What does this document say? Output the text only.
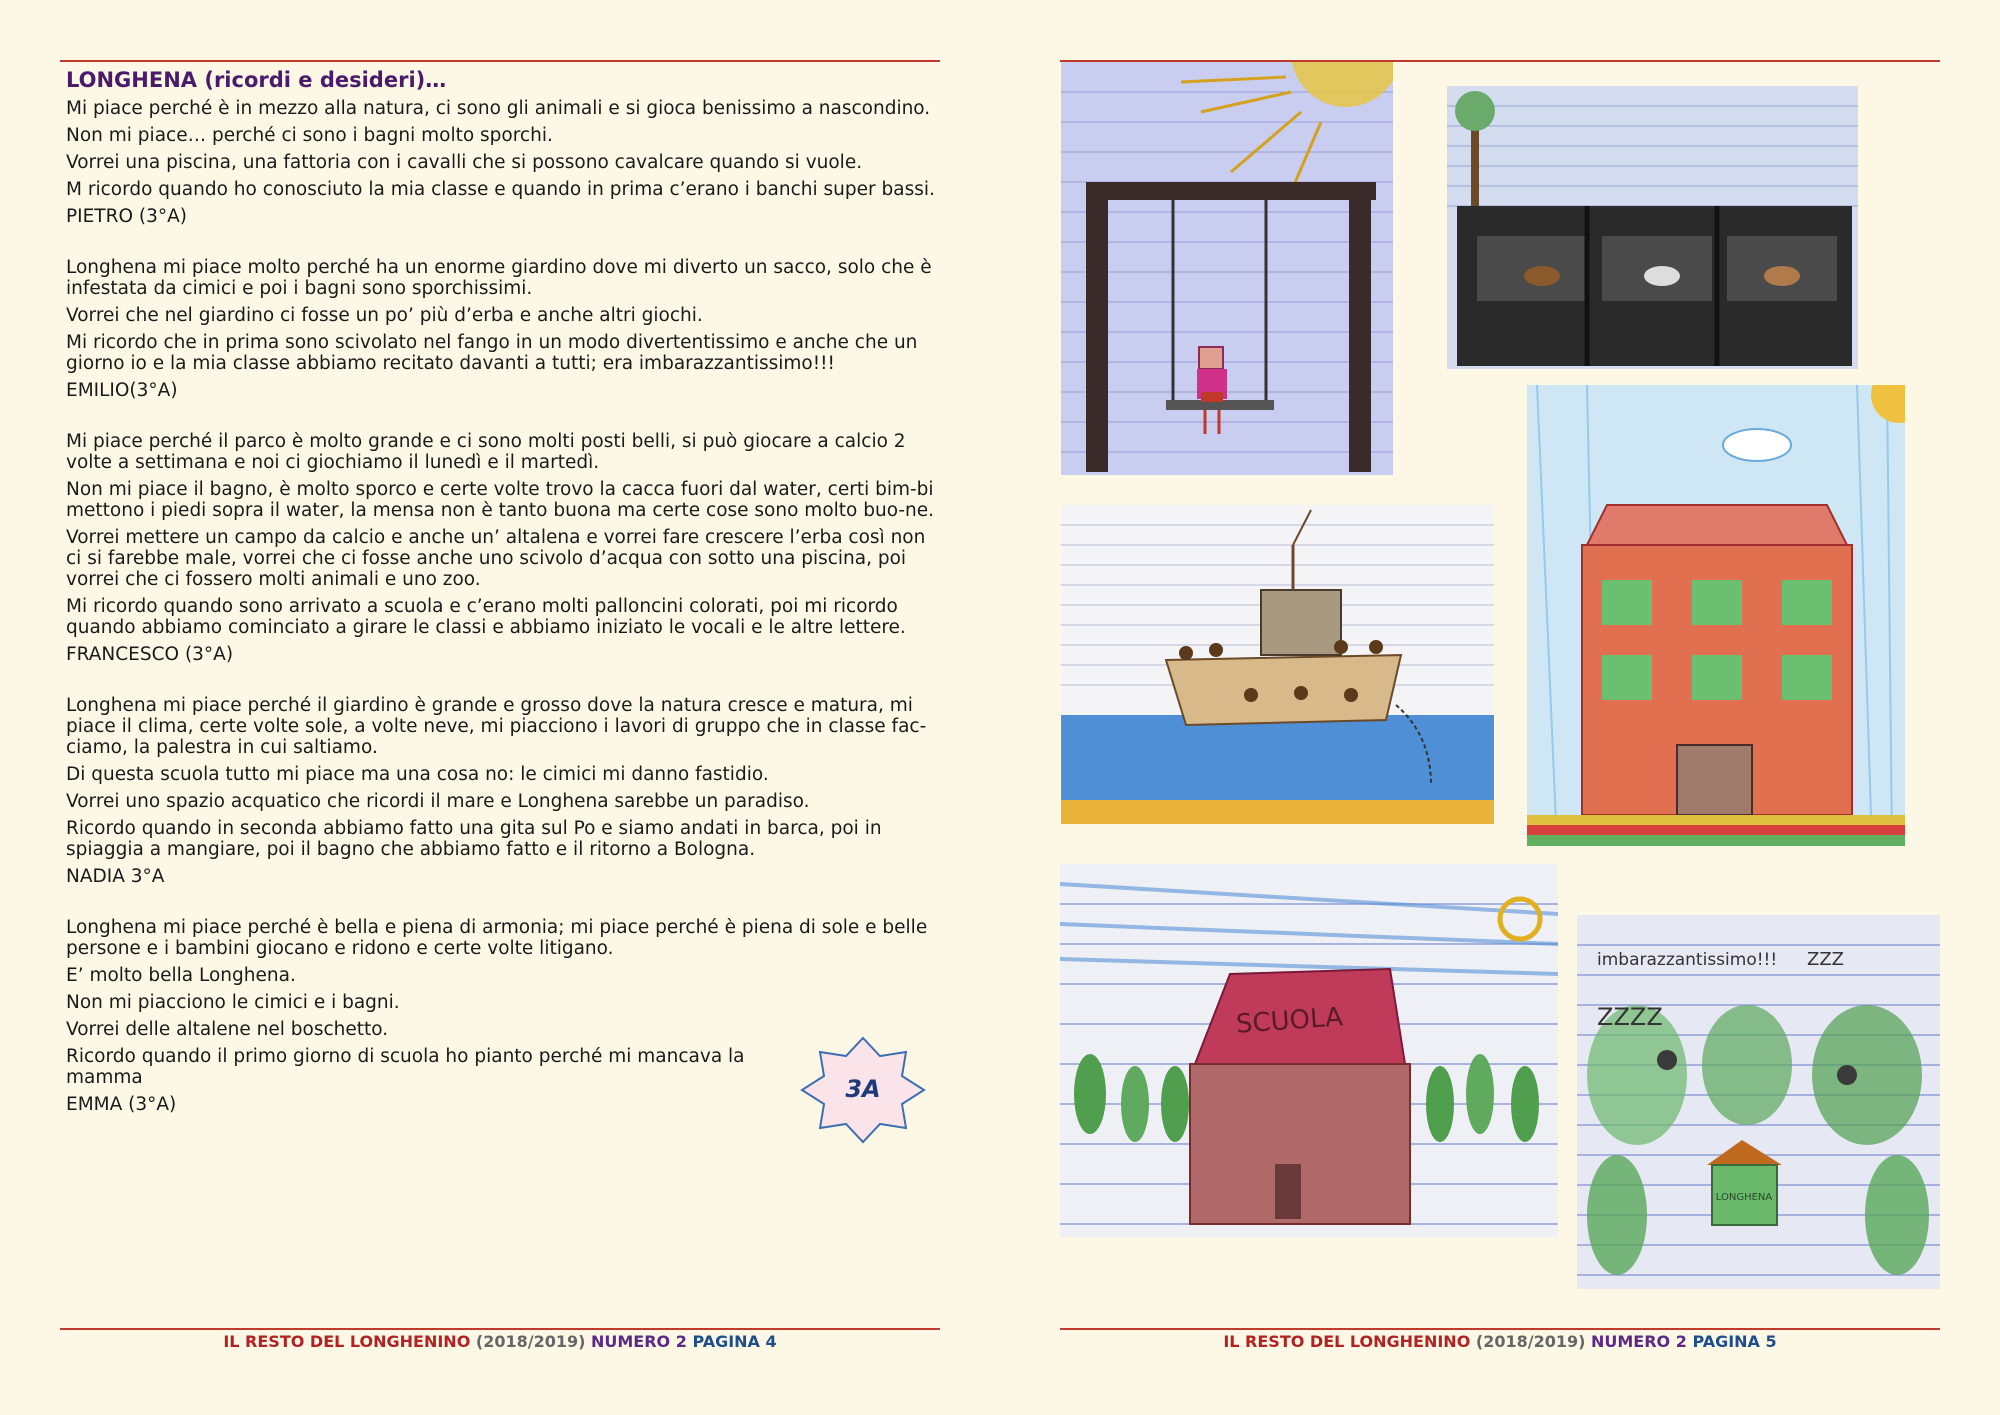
LONGHENA (ricordi e desideri)…

Mi piace perché è in mezzo alla natura, ci sono gli animali e si gioca benissimo a nascondino.

Non mi piace… perché ci sono i bagni molto sporchi.

Vorrei una piscina, una fattoria con i cavalli che si possono cavalcare quando si vuole.

M ricordo quando ho conosciuto la mia classe e quando in prima c’erano i banchi super bassi.

PIETRO (3°A)

Longhena mi piace molto perché ha un enorme giardino dove mi diverto un sacco, solo che è infestata da cimici e poi i bagni sono sporchissimi.

Vorrei che nel giardino ci fosse un po’ più d’erba e anche altri giochi.

Mi ricordo che in prima sono scivolato nel fango in un modo divertentissimo e anche che un giorno io e la mia classe abbiamo recitato davanti a tutti; era imbarazzantissimo!!!

EMILIO(3°A)

Mi piace perché il parco è molto grande e ci sono molti posti belli, si può giocare a calcio 2 volte a settimana e noi ci giochiamo il lunedì e il martedì.

Non mi piace il bagno, è molto sporco e certe volte trovo la cacca fuori dal water, certi bim-bi mettono i piedi sopra il water, la mensa non è tanto buona ma certe cose sono molto buo-ne.

Vorrei mettere un campo da calcio e anche un’ altalena e vorrei fare crescere l’erba così non ci si farebbe male, vorrei che ci fosse anche uno scivolo d’acqua con sotto una piscina, poi vorrei che ci fossero molti animali e uno zoo.

Mi ricordo quando sono arrivato a scuola e c’erano molti palloncini colorati, poi mi ricordo quando abbiamo cominciato a girare le classi e abbiamo iniziato le vocali e le altre lettere.

FRANCESCO (3°A)

Longhena mi piace perché il giardino è grande e grosso dove la natura cresce e matura, mi piace il clima, certe volte sole, a volte neve, mi piacciono i lavori di gruppo che in classe fac-ciamo, la palestra in cui saltiamo.

Di questa scuola tutto mi piace ma una cosa no: le cimici mi danno fastidio.

Vorrei uno spazio acquatico che ricordi il mare e Longhena sarebbe un paradiso.

Ricordo quando in seconda abbiamo fatto una gita sul Po e siamo andati in barca, poi in spiaggia a mangiare, poi il bagno che abbiamo fatto e il ritorno a Bologna.

NADIA 3°A

Longhena mi piace perché è bella e piena di armonia; mi piace perché è piena di sole e belle persone e i bambini giocano e ridono e certe volte litigano.

E’ molto bella Longhena.

Non mi piacciono le cimici e i bagni.

Vorrei delle altalene nel boschetto.

Ricordo quando il primo giorno di scuola ho pianto perché mi mancava la mamma

EMMA (3°A)

3A
IL RESTO DEL LONGHENINO (2018/2019) NUMERO 2 PAGINA 4
SCUOLA
imbarazzantissimo!!! ZZZ
ZZZZ
LONGHENA
IL RESTO DEL LONGHENINO (2018/2019) NUMERO 2 PAGINA 5
